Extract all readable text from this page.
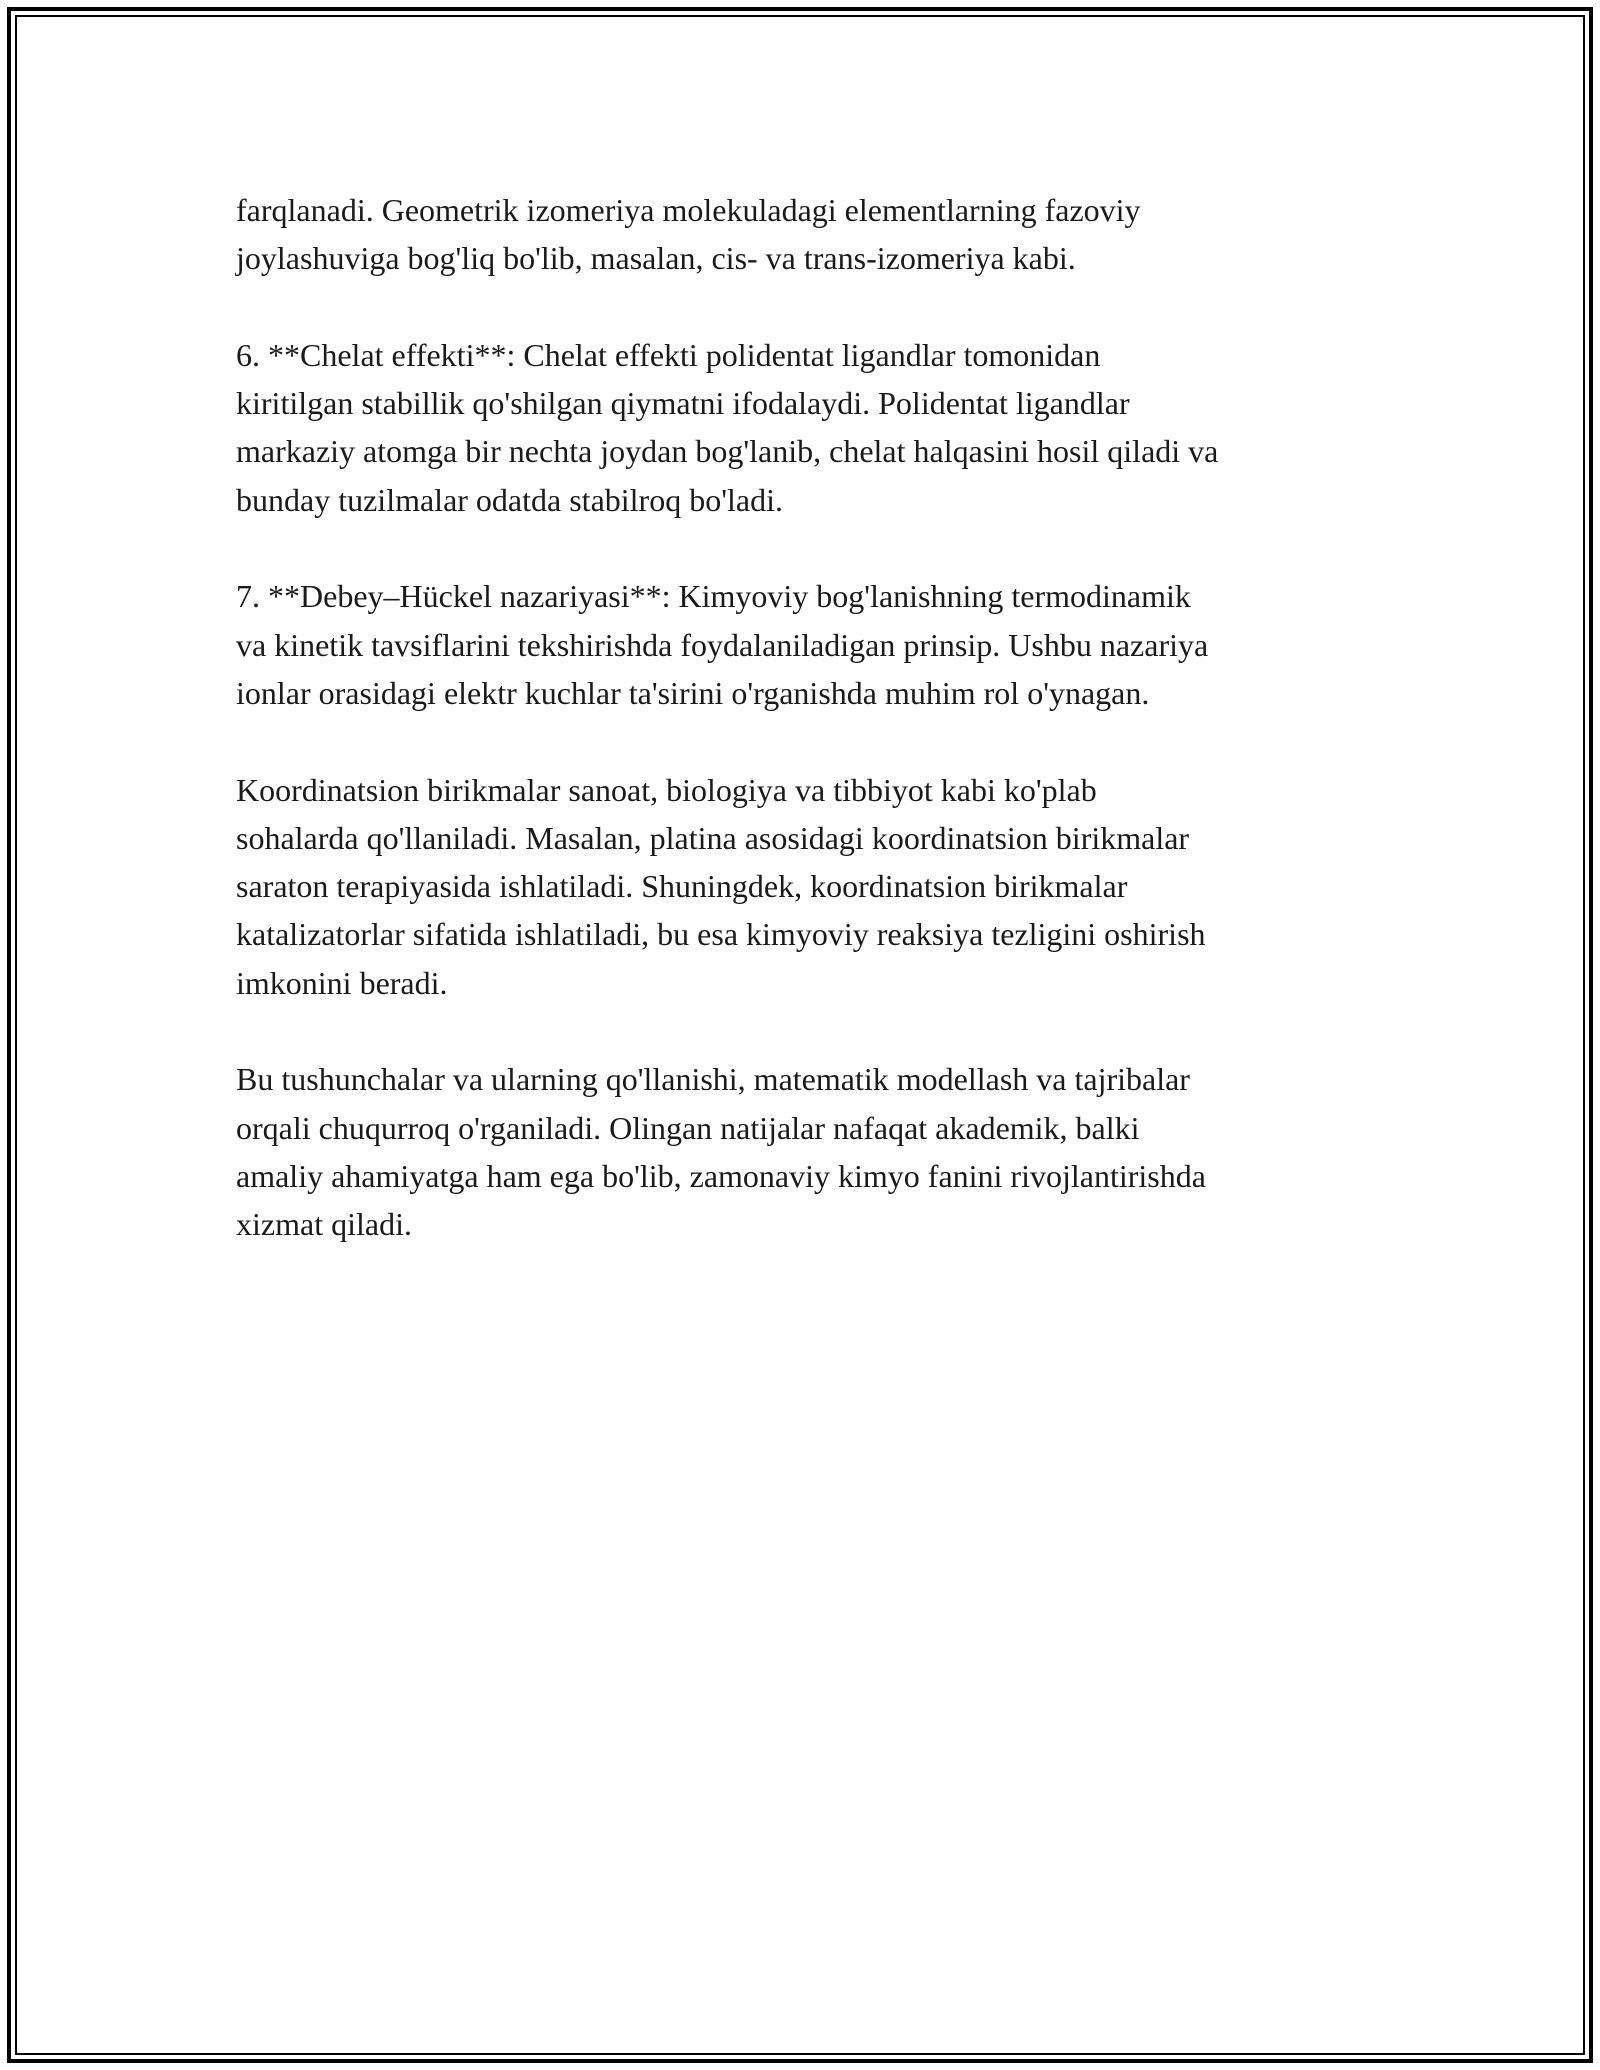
farqlanadi. Geometrik izomeriya molekuladagi elementlarning fazoviy
joylashuviga bog'liq bo'lib, masalan, cis- va trans-izomeriya kabi.

6. **Chelat effekti**: Chelat effekti polidentat ligandlar tomonidan
kiritilgan stabillik qo'shilgan qiymatni ifodalaydi. Polidentat ligandlar
markaziy atomga bir nechta joydan bog'lanib, chelat halqasini hosil qiladi va
bunday tuzilmalar odatda stabilroq bo'ladi.

7. **Debey–Hückel nazariyasi**: Kimyoviy bog'lanishning termodinamik
va kinetik tavsiflarini tekshirishda foydalaniladigan prinsip. Ushbu nazariya
ionlar orasidagi elektr kuchlar ta'sirini o'rganishda muhim rol o'ynagan.

Koordinatsion birikmalar sanoat, biologiya va tibbiyot kabi ko'plab
sohalarda qo'llaniladi. Masalan, platina asosidagi koordinatsion birikmalar
saraton terapiyasida ishlatiladi. Shuningdek, koordinatsion birikmalar
katalizatorlar sifatida ishlatiladi, bu esa kimyoviy reaksiya tezligini oshirish
imkonini beradi.

Bu tushunchalar va ularning qo'llanishi, matematik modellash va tajribalar
orqali chuqurroq o'rganiladi. Olingan natijalar nafaqat akademik, balki
amaliy ahamiyatga ham ega bo'lib, zamonaviy kimyo fanini rivojlantirishda
xizmat qiladi.
